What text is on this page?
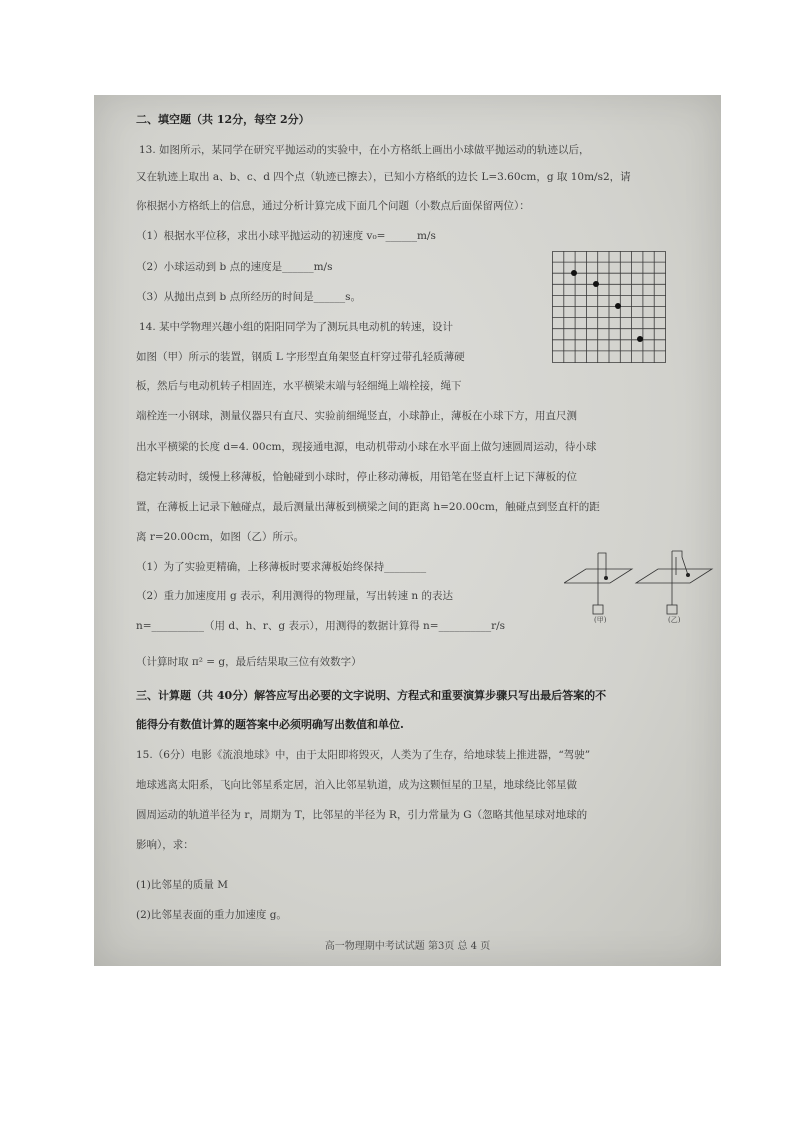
二、填空题（共 12分，每空 2分）
13. 如图所示，某同学在研究平抛运动的实验中，在小方格纸上画出小球做平抛运动的轨迹以后，
又在轨迹上取出 a、b、c、d 四个点（轨迹已擦去），已知小方格纸的边长 L=3.60cm，g 取 10m/s2，请
你根据小方格纸上的信息，通过分析计算完成下面几个问题（小数点后面保留两位）：
（1）根据水平位移，求出小球平抛运动的初速度 v₀=______m/s
（2）小球运动到 b 点的速度是______m/s
（3）从抛出点到 b 点所经历的时间是______s。
14. 某中学物理兴趣小组的阳阳同学为了测玩具电动机的转速，设计
如图（甲）所示的装置，钢质 L 字形型直角架竖直杆穿过带孔轻质薄硬
板，然后与电动机转子相固连，水平横梁末端与轻细绳上端栓接，绳下
端栓连一小钢球，测量仪器只有直尺、实验前细绳竖直，小球静止，薄板在小球下方，用直尺测
出水平横梁的长度 d=4. 00cm，现接通电源，电动机带动小球在水平面上做匀速圆周运动，待小球
稳定转动时，缓慢上移薄板，恰触碰到小球时，停止移动薄板，用铅笔在竖直杆上记下薄板的位
置，在薄板上记录下触碰点，最后测量出薄板到横梁之间的距离 h=20.00cm，触碰点到竖直杆的距
离 r=20.00cm，如图（乙）所示。
（1）为了实验更精确，上移薄板时要求薄板始终保持________
（2）重力加速度用 g 表示，利用测得的物理量，写出转速 n 的表达
n=__________（用 d、h、r、g 表示），用测得的数据计算得 n=__________r/s
（计算时取 π² = g，最后结果取三位有效数字）
(甲)	(乙)
三、计算题（共 40分）解答应写出必要的文字说明、方程式和重要演算步骤只写出最后答案的不
能得分有数值计算的题答案中必须明确写出数值和单位.
15.（6分）电影《流浪地球》中，由于太阳即将毁灭，人类为了生存，给地球装上推进器，“驾驶”
地球逃离太阳系，飞向比邻星系定居，泊入比邻星轨道，成为这颗恒星的卫星，地球绕比邻星做
圆周运动的轨道半径为 r，周期为 T，比邻星的半径为 R，引力常量为 G（忽略其他星球对地球的
影响），求：
(1)比邻星的质量 M
(2)比邻星表面的重力加速度 g。
高一物理期中考试试题 第3页 总 4 页
